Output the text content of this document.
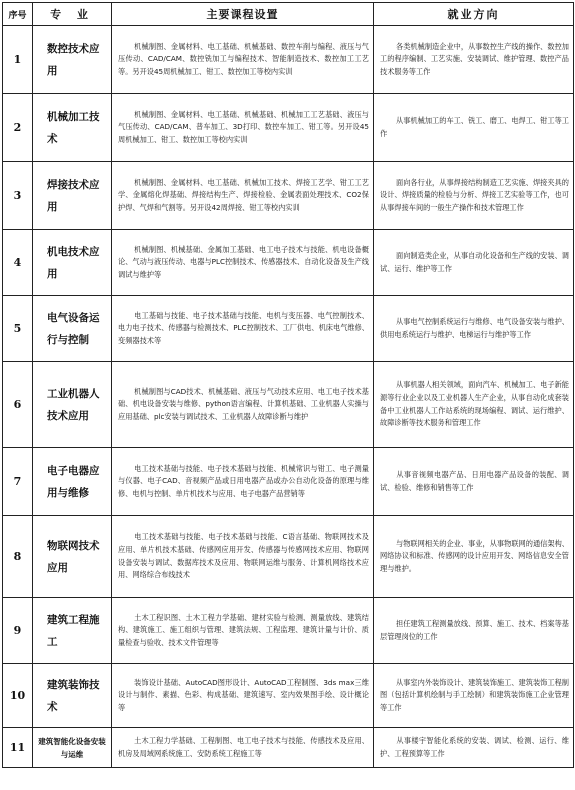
序号	专 业	主要课程设置	就业方向
1	数控技术应用	机械制图、金属材料、电工基础、机械基础、数控车削与编程、液压与气压传动、CAD/CAM、数控铣加工与编程技术、智能制造技术、数控加工工艺等。另开设45周机械加工、钳工、数控加工等校内实训	各类机械制造企业中，从事数控生产线的操作、数控加工的程序编制、工艺实施、安装调试、维护管理、数控产品技术服务等工作
2	机械加工技术	机械制图、金属材料、电工基础、机械基础、机械加工工艺基础、液压与气压传动、CAD/CAM、普车加工、3D打印、数控车加工、钳工等。另开设45周机械加工、钳工、数控加工等校内实训	从事机械加工的车工、铣工、磨工、电焊工、钳工等工作
3	焊接技术应用	机械制图、金属材料、电工基础、机械加工技术、焊接工艺学、钳工工艺学、金属熔化焊基础、焊接结构生产、焊接检验、金属表面处理技术、CO2保护焊、气焊和气割等。另开设42周焊接、钳工等校内实训	面向各行业，从事焊接结构制造工艺实施、焊接夹具的设计、焊接质量的检验与分析、焊接工艺实验等工作，也可从事焊接车间的一般生产操作和技术管理工作
4	机电技术应用	机械制图、机械基础、金属加工基础、电工电子技术与技能、机电设备概论、气动与液压传动、电器与PLC控制技术、传感器技术、自动化设备及生产线调试与维护等	面向制造类企业，从事自动化设备和生产线的安装、调试、运行、维护等工作
5	电气设备运行与控制	电工基础与技能、电子技术基础与技能、电机与变压器、电气控制技术、电力电子技术、传感器与检测技术、PLC控制技术、工厂供电、机床电气维修、变频器技术等	从事电气控制系统运行与维修、电气设备安装与维护、供用电系统运行与维护、电梯运行与维护等工作
6	工业机器人技术应用	机械制图与CAD技术、机械基础、液压与气动技术应用、电工电子技术基础、机电设备安装与维修、python语言编程、计算机基础、工业机器人实操与应用基础、plc安装与调试技术、工业机器人故障诊断与维护	从事机器人相关领域，面向汽车、机械加工、电子新能源等行业企业以及工业机器人生产企业，从事自动化成套装备中工业机器人工作站系统的现场编程、调试、运行维护、故障诊断等技术服务和管理工作
7	电子电器应用与维修	电工技术基础与技能、电子技术基础与技能、机械常识与钳工、电子测量与仪器、电子CAD、音视频产品或日用电器产品或办公自动化设备的原理与维修、电机与控制、单片机技术与应用、电子电器产品营销等	从事音视频电器产品、日用电器产品设备的装配、调试、检验、维修和销售等工作
8	物联网技术应用	电工技术基础与技能、电子技术基础与技能、C语言基础、物联网技术及应用、单片机技术基础、传感网应用开发、传感器与传感网技术应用、物联网设备安装与调试、数据库技术及应用、物联网运维与服务、计算机网络技术应用、网络综合布线技术	与物联网相关的企业、事业，从事物联网的通信架构、网络协议和标准、传感网的设计应用开发、网络信息安全管理与维护。
9	建筑工程施工	土木工程识图、土木工程力学基础、建材实验与检测、测量放线、建筑结构、建筑施工、施工组织与管理、建筑法规、工程监理、建筑计量与计价、质量检查与验收、技术文件管理等	担任建筑工程测量放线、预算、施工、技术、档案等基层管理岗位的工作
10	建筑装饰技术	装饰设计基础、AutoCAD图形设计、AutoCAD工程制图、3ds max三维设计与制作、素描、色彩、构成基础、建筑速写、室内效果图手绘、设计概论等	从事室内外装饰设计、建筑装饰施工、建筑装饰工程制图（包括计算机绘制与手工绘制）和建筑装饰施工企业管理等工作
11	建筑智能化设备安装与运维	土木工程力学基础、工程制图、电工电子技术与技能、传感技术及应用、机房及局域网系统施工、安防系统工程施工等	从事楼宇智能化系统的安装、调试、检测、运行、维护、工程预算等工作
